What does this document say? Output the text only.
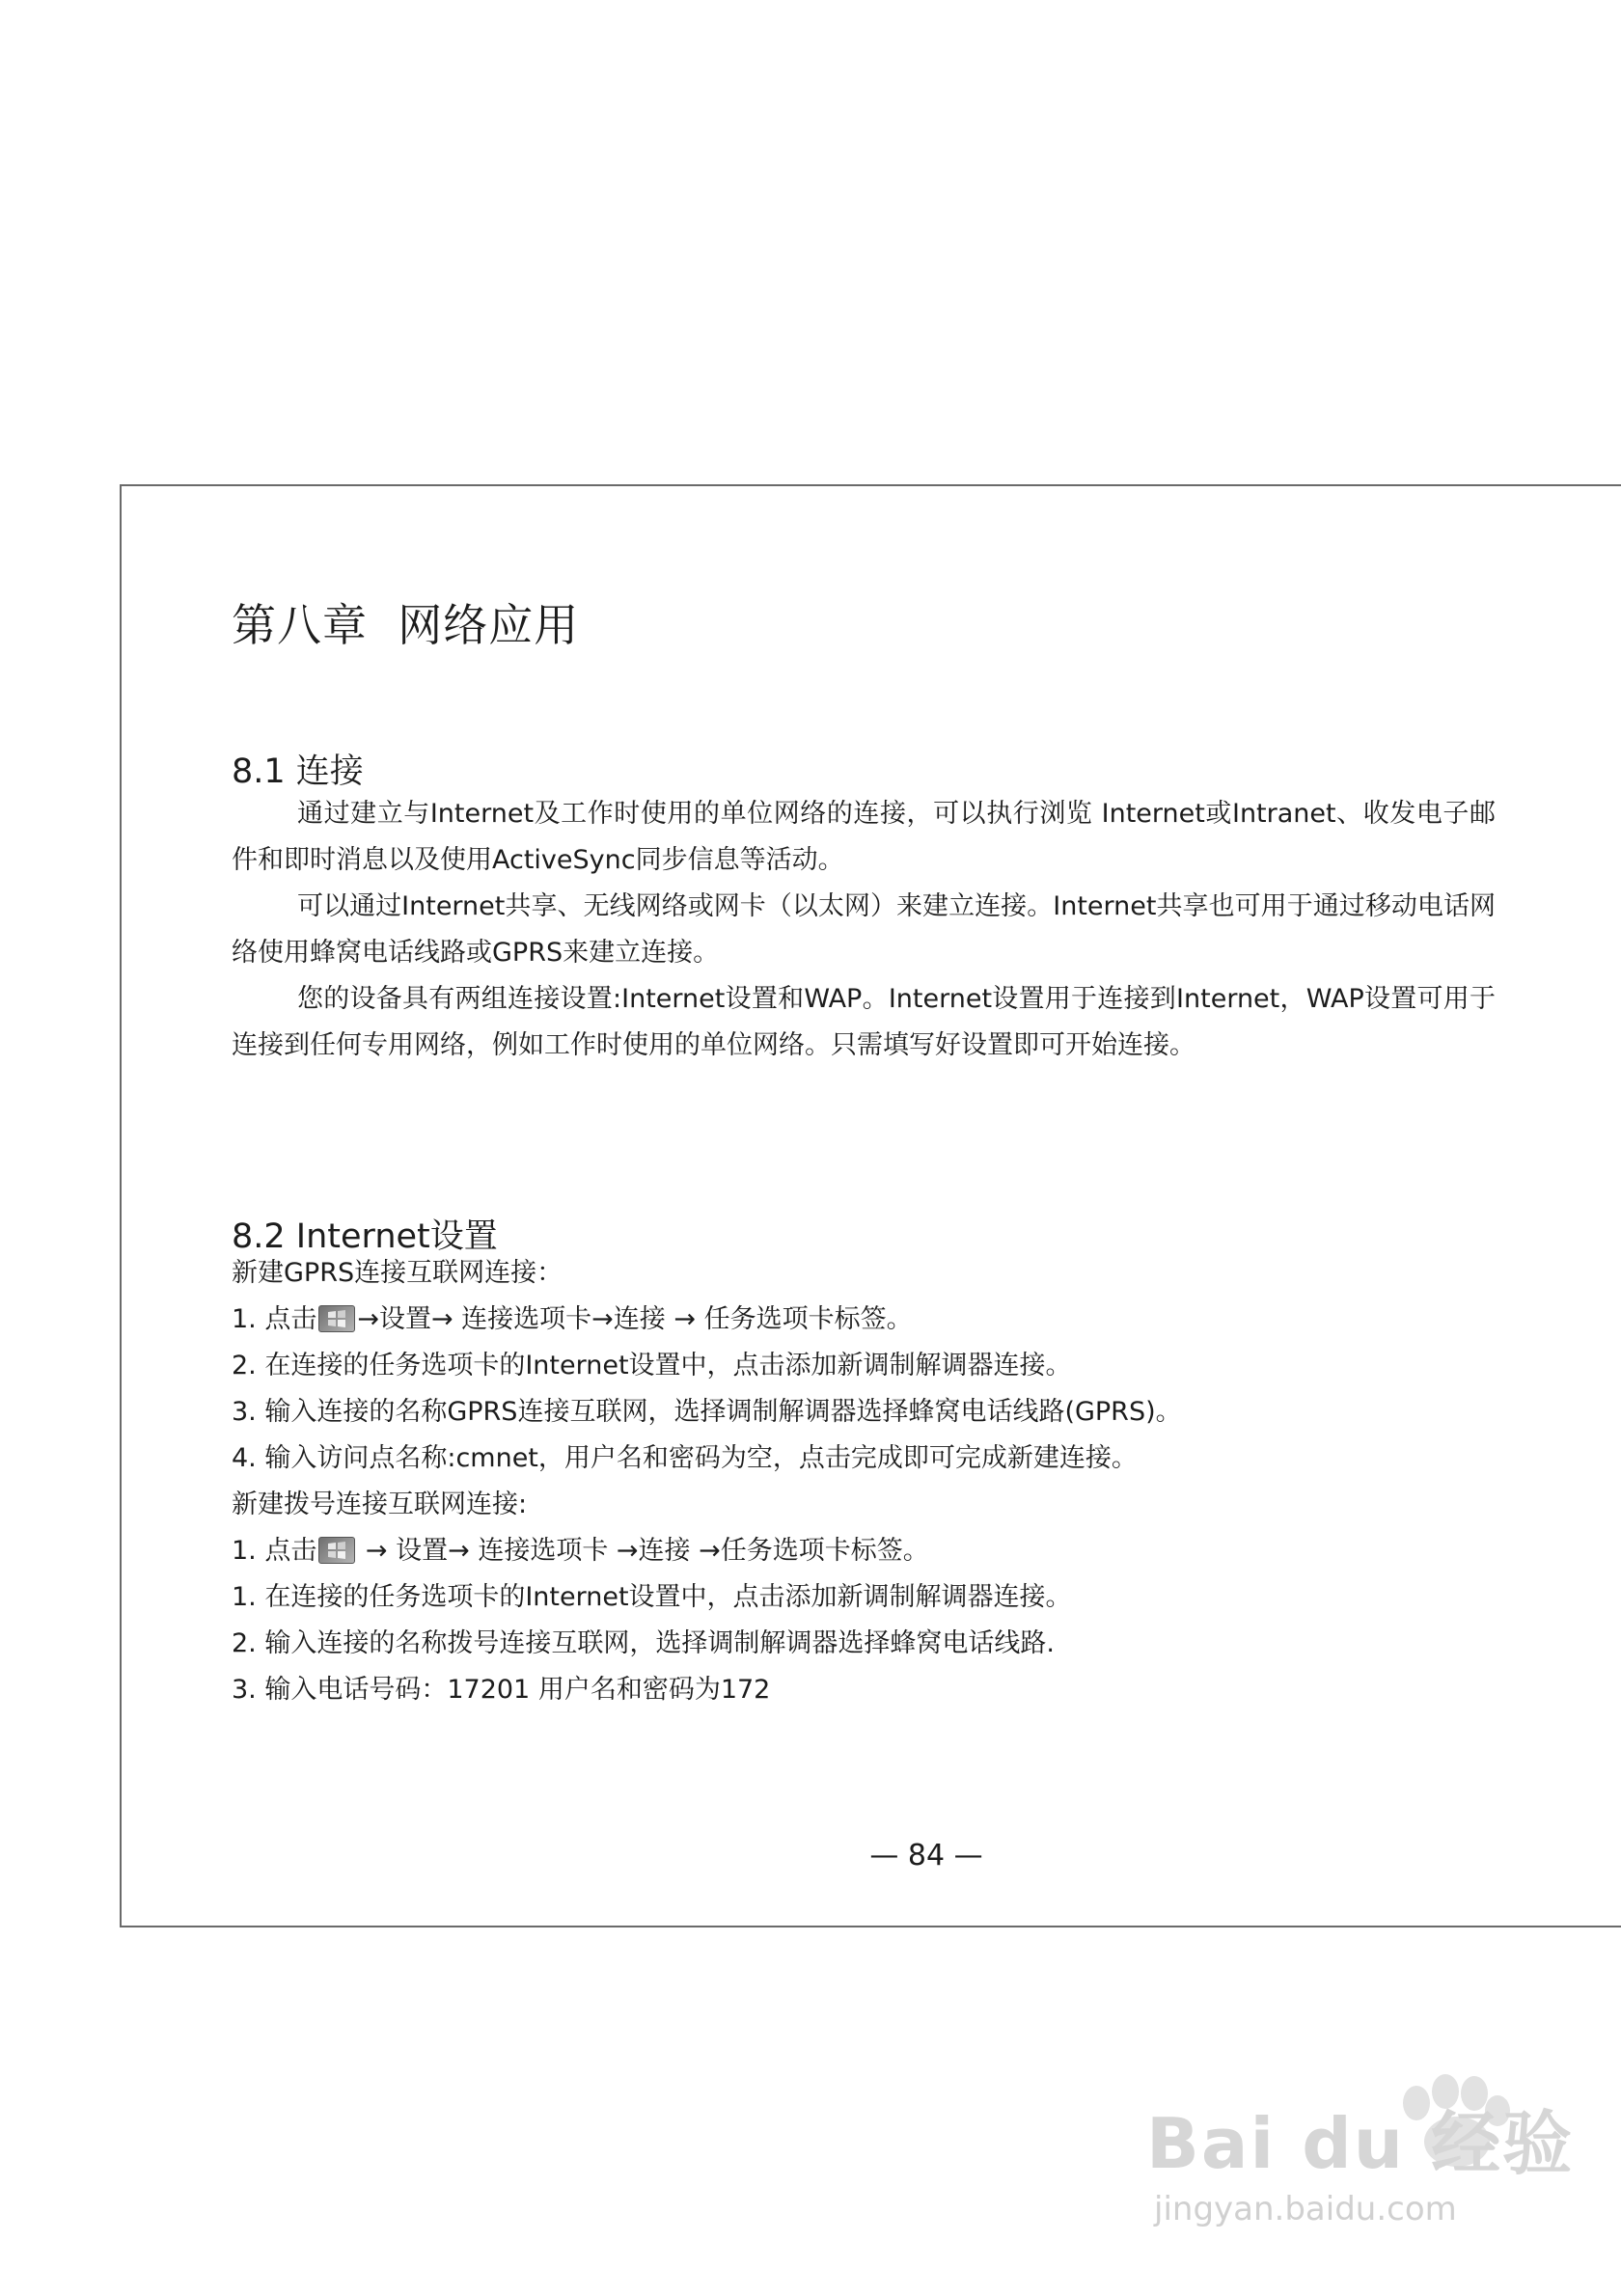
第八章  网络应用
8.1 连接

通过建立与Internet及工作时使用的单位网络的连接，可以执行浏览 Internet或Intranet、收发电子邮件和即时消息以及使用ActiveSync同步信息等活动。

可以通过Internet共享、无线网络或网卡（以太网）来建立连接。Internet共享也可用于通过移动电话网络使用蜂窝电话线路或GPRS来建立连接。

您的设备具有两组连接设置:Internet设置和WAP。Internet设置用于连接到Internet，WAP设置可用于连接到任何专用网络，例如工作时使用的单位网络。只需填写好设置即可开始连接。

8.2 Internet设置
新建GPRS连接互联网连接：
1. 点击 →设置→ 连接选项卡→连接 → 任务选项卡标签。
2. 在连接的任务选项卡的Internet设置中，点击添加新调制解调器连接。
3. 输入连接的名称GPRS连接互联网，选择调制解调器选择蜂窝电话线路(GPRS)。
4. 输入访问点名称:cmnet，用户名和密码为空，点击完成即可完成新建连接。
新建拨号连接互联网连接:
1. 点击
→ 设置→ 连接选项卡 →连接 →任务选项卡标签。
1. 在连接的任务选项卡的Internet设置中，点击添加新调制解调器连接。
2. 输入连接的名称拨号连接互联网，选择调制解调器选择蜂窝电话线路.
3. 输入电话号码：17201 用户名和密码为172
— 84 —
Bai du 经验
jingyan.baidu.com
